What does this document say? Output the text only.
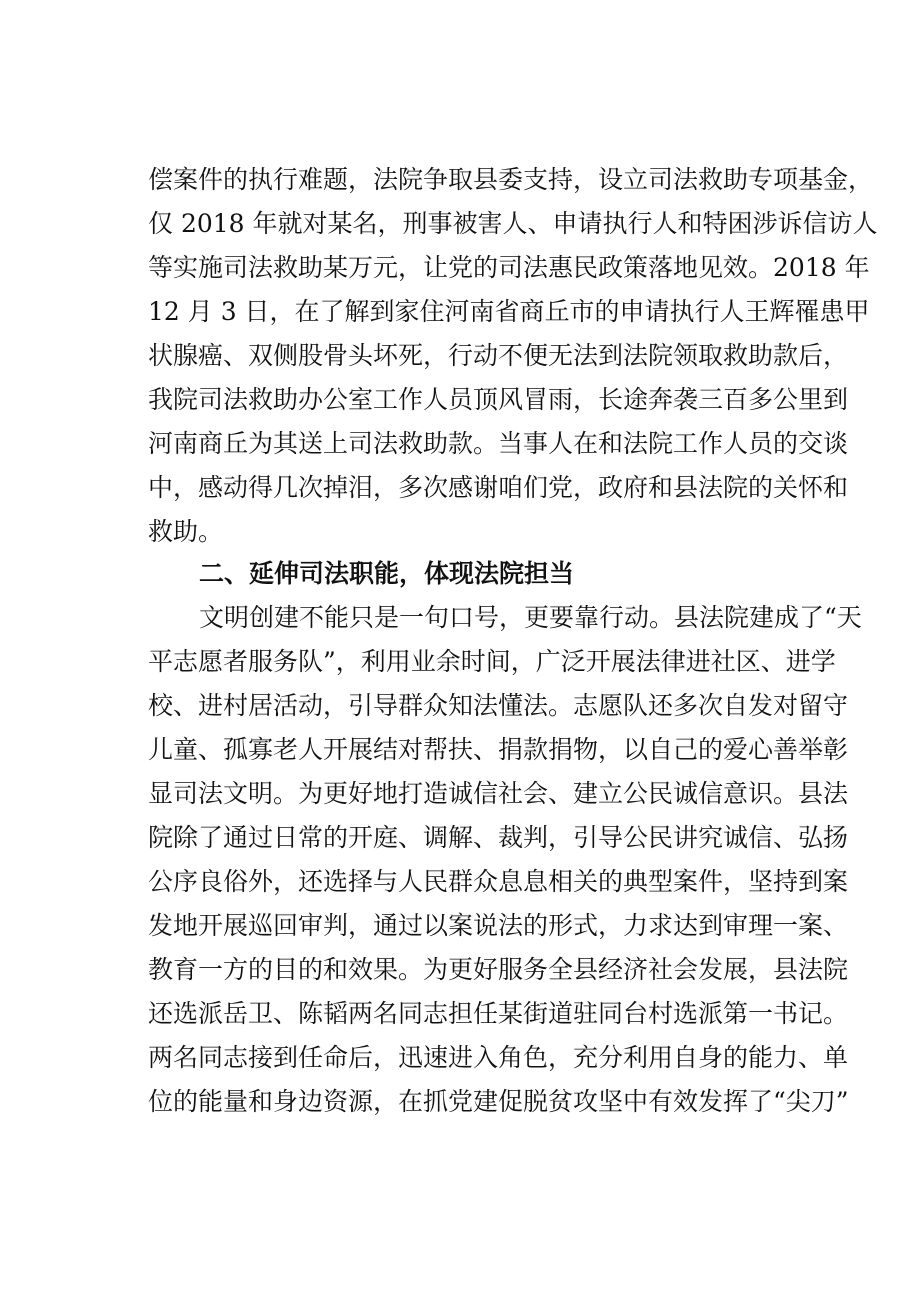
偿案件的执行难题，法院争取县委支持，设立司法救助专项基金，
仅 2018 年就对某名，刑事被害人、申请执行人和特困涉诉信访人
等实施司法救助某万元，让党的司法惠民政策落地见效。2018 年
12 月 3 日，在了解到家住河南省商丘市的申请执行人王辉罹患甲
状腺癌、双侧股骨头坏死，行动不便无法到法院领取救助款后，
我院司法救助办公室工作人员顶风冒雨，长途奔袭三百多公里到
河南商丘为其送上司法救助款。当事人在和法院工作人员的交谈
中，感动得几次掉泪，多次感谢咱们党，政府和县法院的关怀和
救助。
二、延伸司法职能，体现法院担当
文明创建不能只是一句口号，更要靠行动。县法院建成了“天
平志愿者服务队”，利用业余时间，广泛开展法律进社区、进学
校、进村居活动，引导群众知法懂法。志愿队还多次自发对留守
儿童、孤寡老人开展结对帮扶、捐款捐物，以自己的爱心善举彰
显司法文明。为更好地打造诚信社会、建立公民诚信意识。县法
院除了通过日常的开庭、调解、裁判，引导公民讲究诚信、弘扬
公序良俗外，还选择与人民群众息息相关的典型案件，坚持到案
发地开展巡回审判，通过以案说法的形式，力求达到审理一案、
教育一方的目的和效果。为更好服务全县经济社会发展，县法院
还选派岳卫、陈韬两名同志担任某街道驻同台村选派第一书记。
两名同志接到任命后，迅速进入角色，充分利用自身的能力、单
位的能量和身边资源，在抓党建促脱贫攻坚中有效发挥了“尖刀”
